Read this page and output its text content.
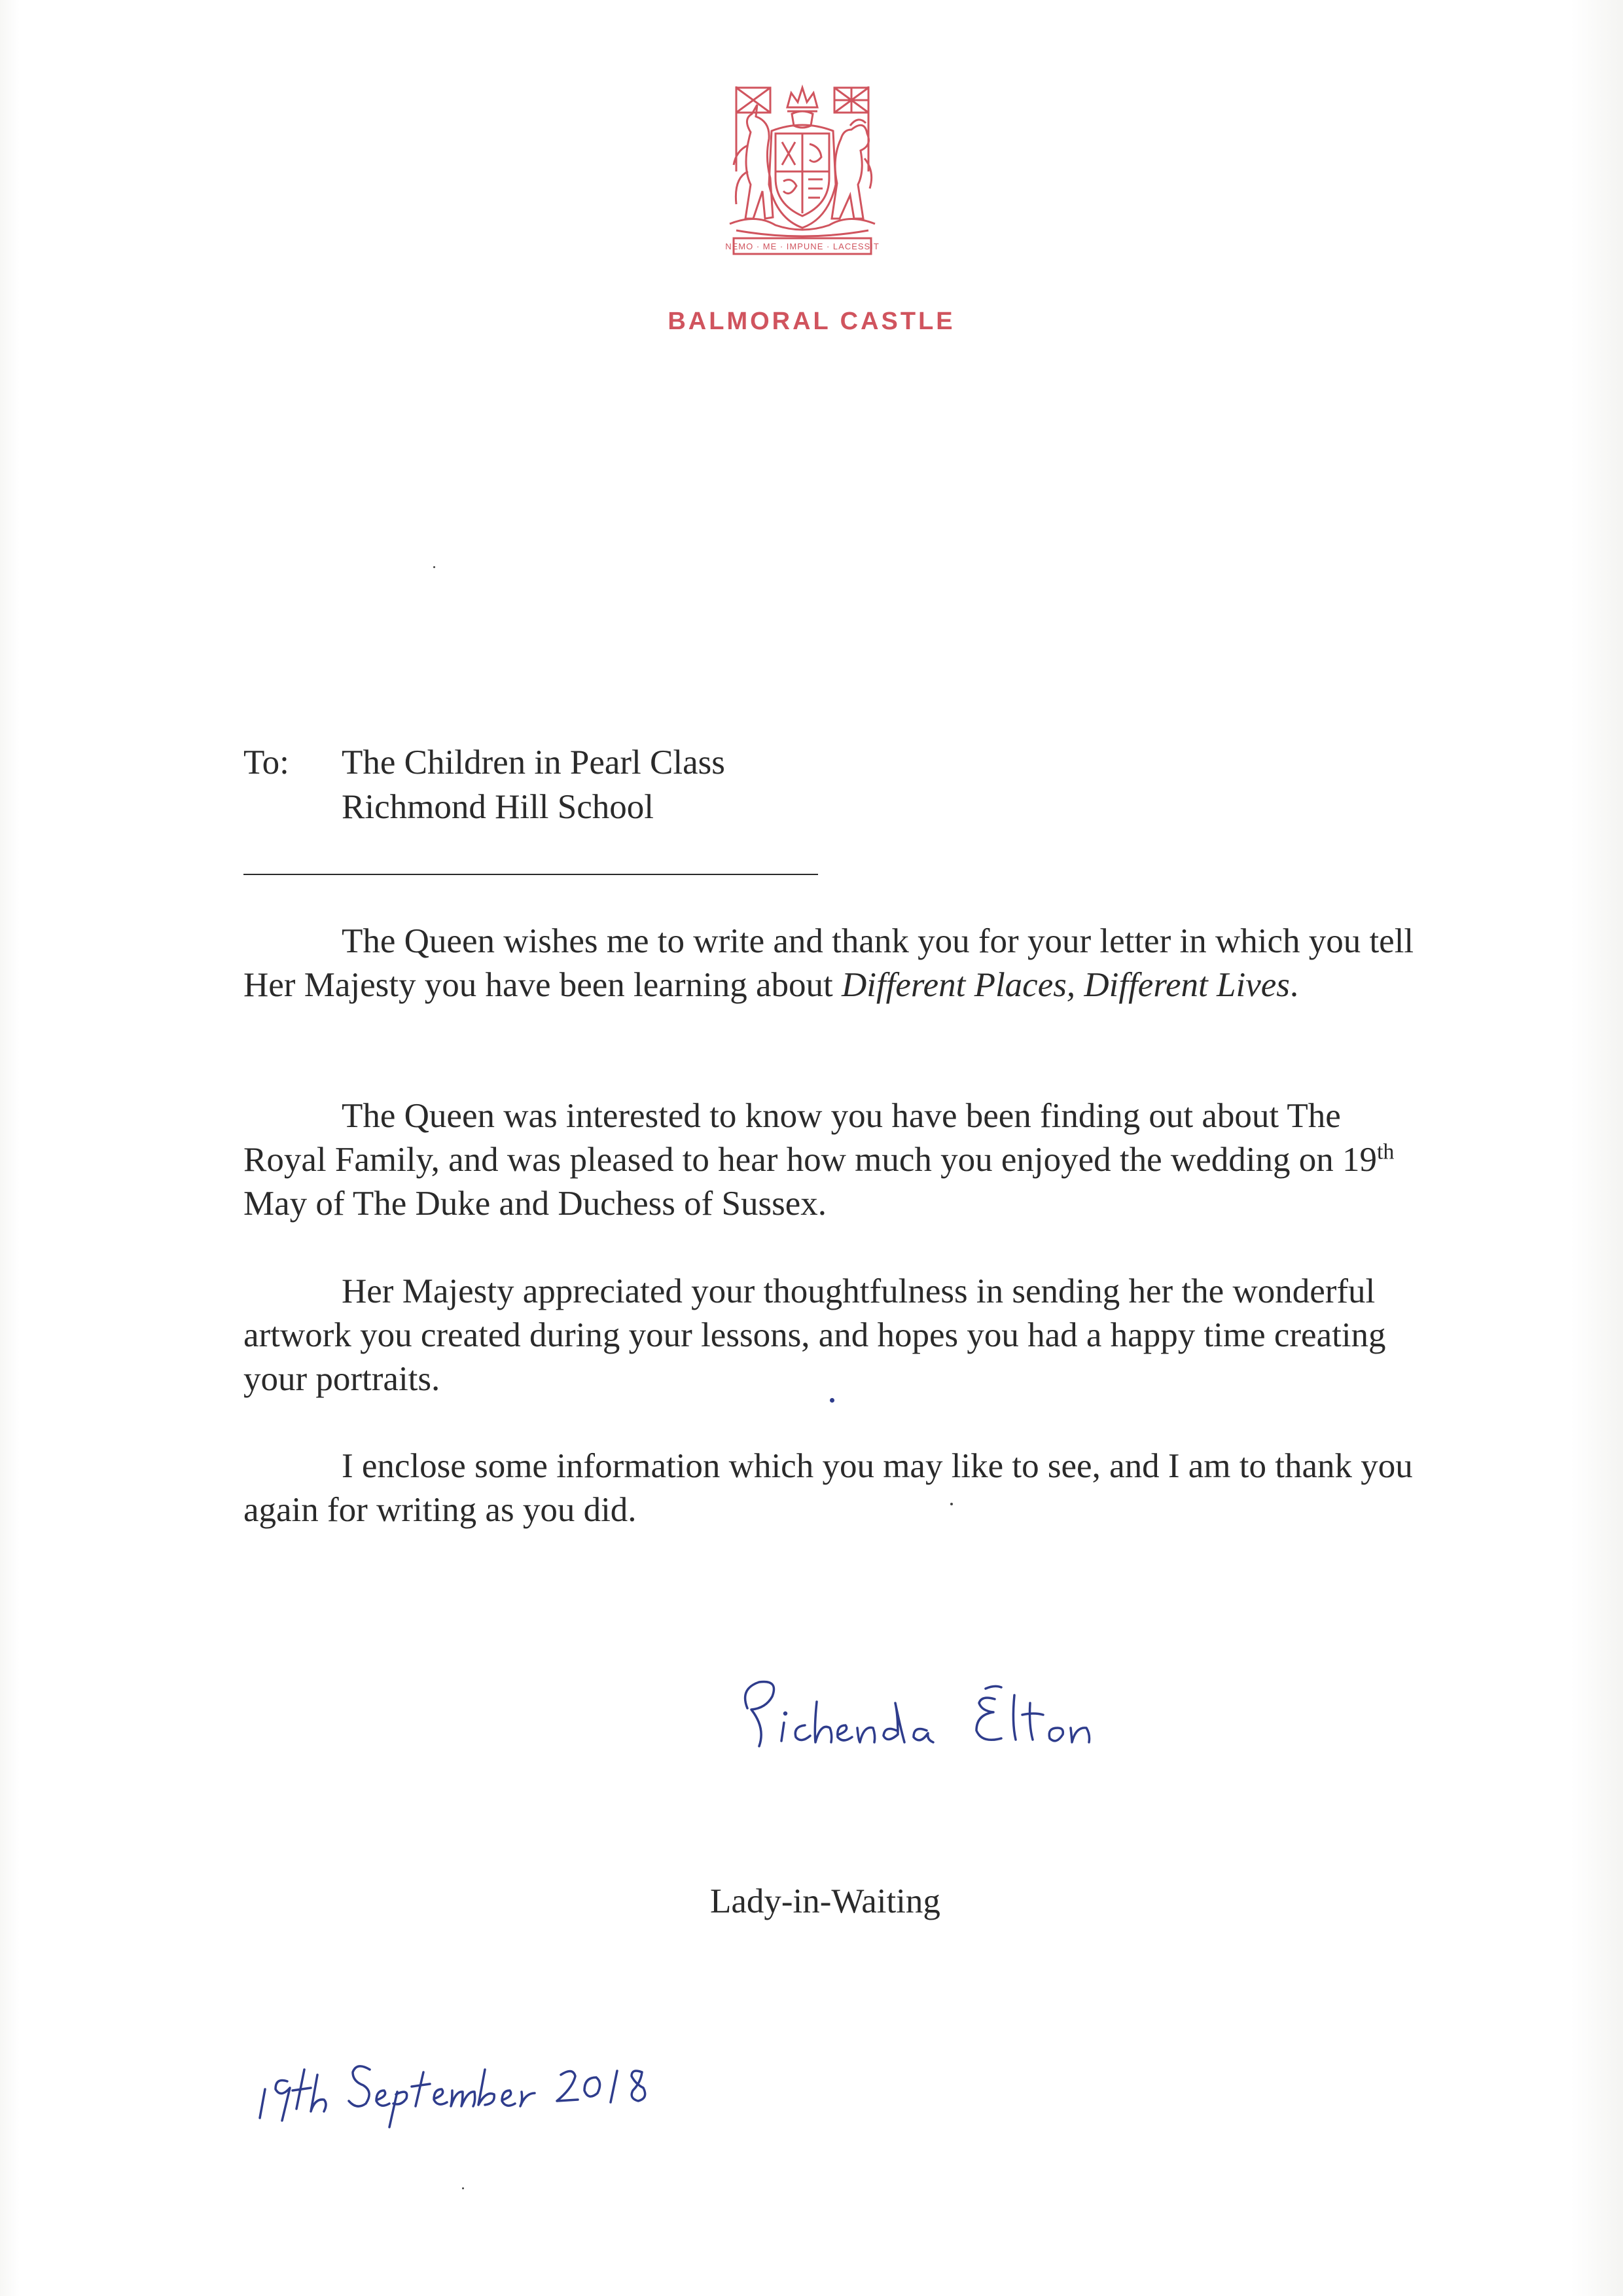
NEMO · ME · IMPUNE · LACESSIT
BALMORAL CASTLE
To: The Children in Pearl Class
Richmond Hill School
The Queen wishes me to write and thank you for your letter in which you tell Her Majesty you have been learning about Different Places, Different Lives.
The Queen was interested to know you have been finding out about The Royal Family, and was pleased to hear how much you enjoyed the wedding on 19th May of The Duke and Duchess of Sussex.
Her Majesty appreciated your thoughtfulness in sending her the wonderful artwork you created during your lessons, and hopes you had a happy time creating your portraits.
I enclose some information which you may like to see, and I am to thank you again for writing as you did.
Lady-in-Waiting
